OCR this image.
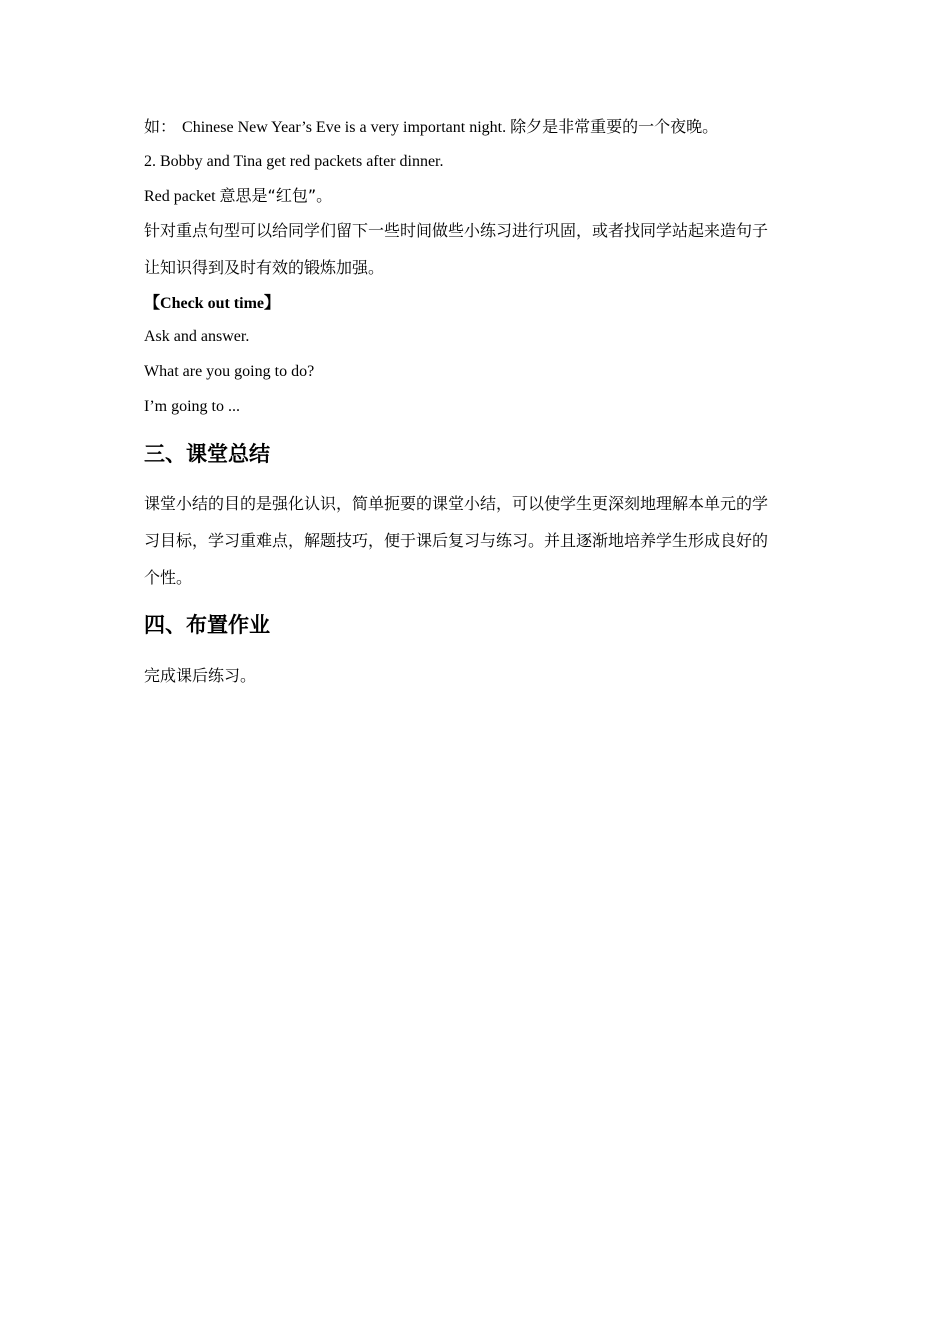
如： Chinese New Year’s Eve is a very important night. 除夕是非常重要的一个夜晚。
2. Bobby and Tina get red packets after dinner.
Red packet 意思是“红包”。
针对重点句型可以给同学们留下一些时间做些小练习进行巩固，或者找同学站起来造句子
让知识得到及时有效的锻炼加强。
【Check out time】
Ask and answer.
What are you going to do?
I’m going to ...
三、课堂总结
课堂小结的目的是强化认识，简单扼要的课堂小结，可以使学生更深刻地理解本单元的学
习目标，学习重难点，解题技巧，便于课后复习与练习。并且逐渐地培养学生形成良好的
个性。
四、布置作业
完成课后练习。
